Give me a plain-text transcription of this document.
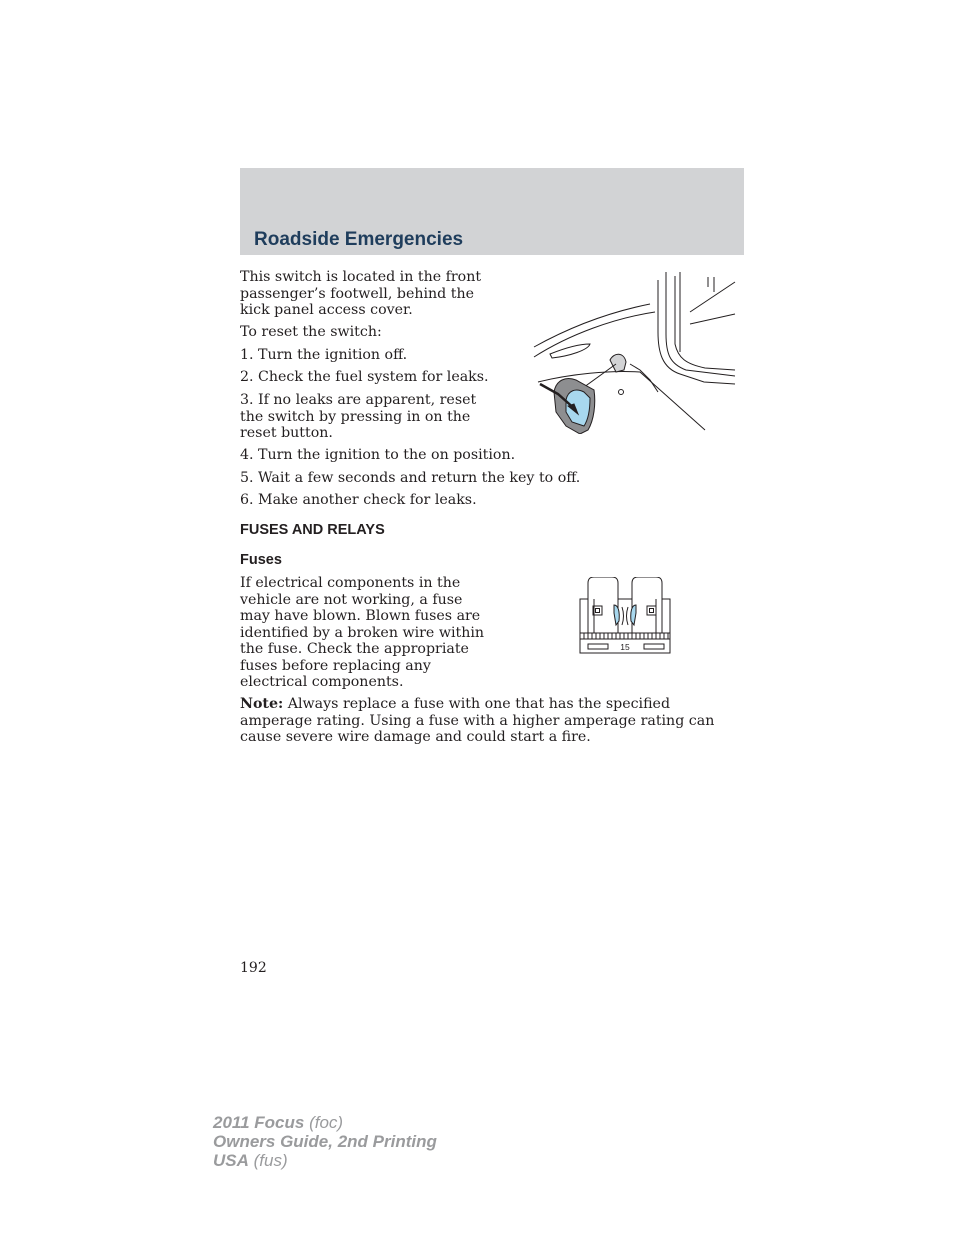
Roadside Emergencies

This switch is located in the front passenger’s footwell, behind the kick panel access cover.

To reset the switch:

1. Turn the ignition off.

2. Check the fuel system for leaks.

3. If no leaks are apparent, reset the switch by pressing in on the reset button.

4. Turn the ignition to the on position.

5. Wait a few seconds and return the key to off.

6. Make another check for leaks.

FUSES AND RELAYS
Fuses

If electrical components in the vehicle are not working, a fuse may have blown. Blown fuses are identified by a broken wire within the fuse. Check the appropriate fuses before replacing any electrical components.

15

Note: Always replace a fuse with one that has the specified amperage rating. Using a fuse with a higher amperage rating can cause severe wire damage and could start a fire.

192

2011 Focus (foc)
Owners Guide, 2nd Printing
USA (fus)
